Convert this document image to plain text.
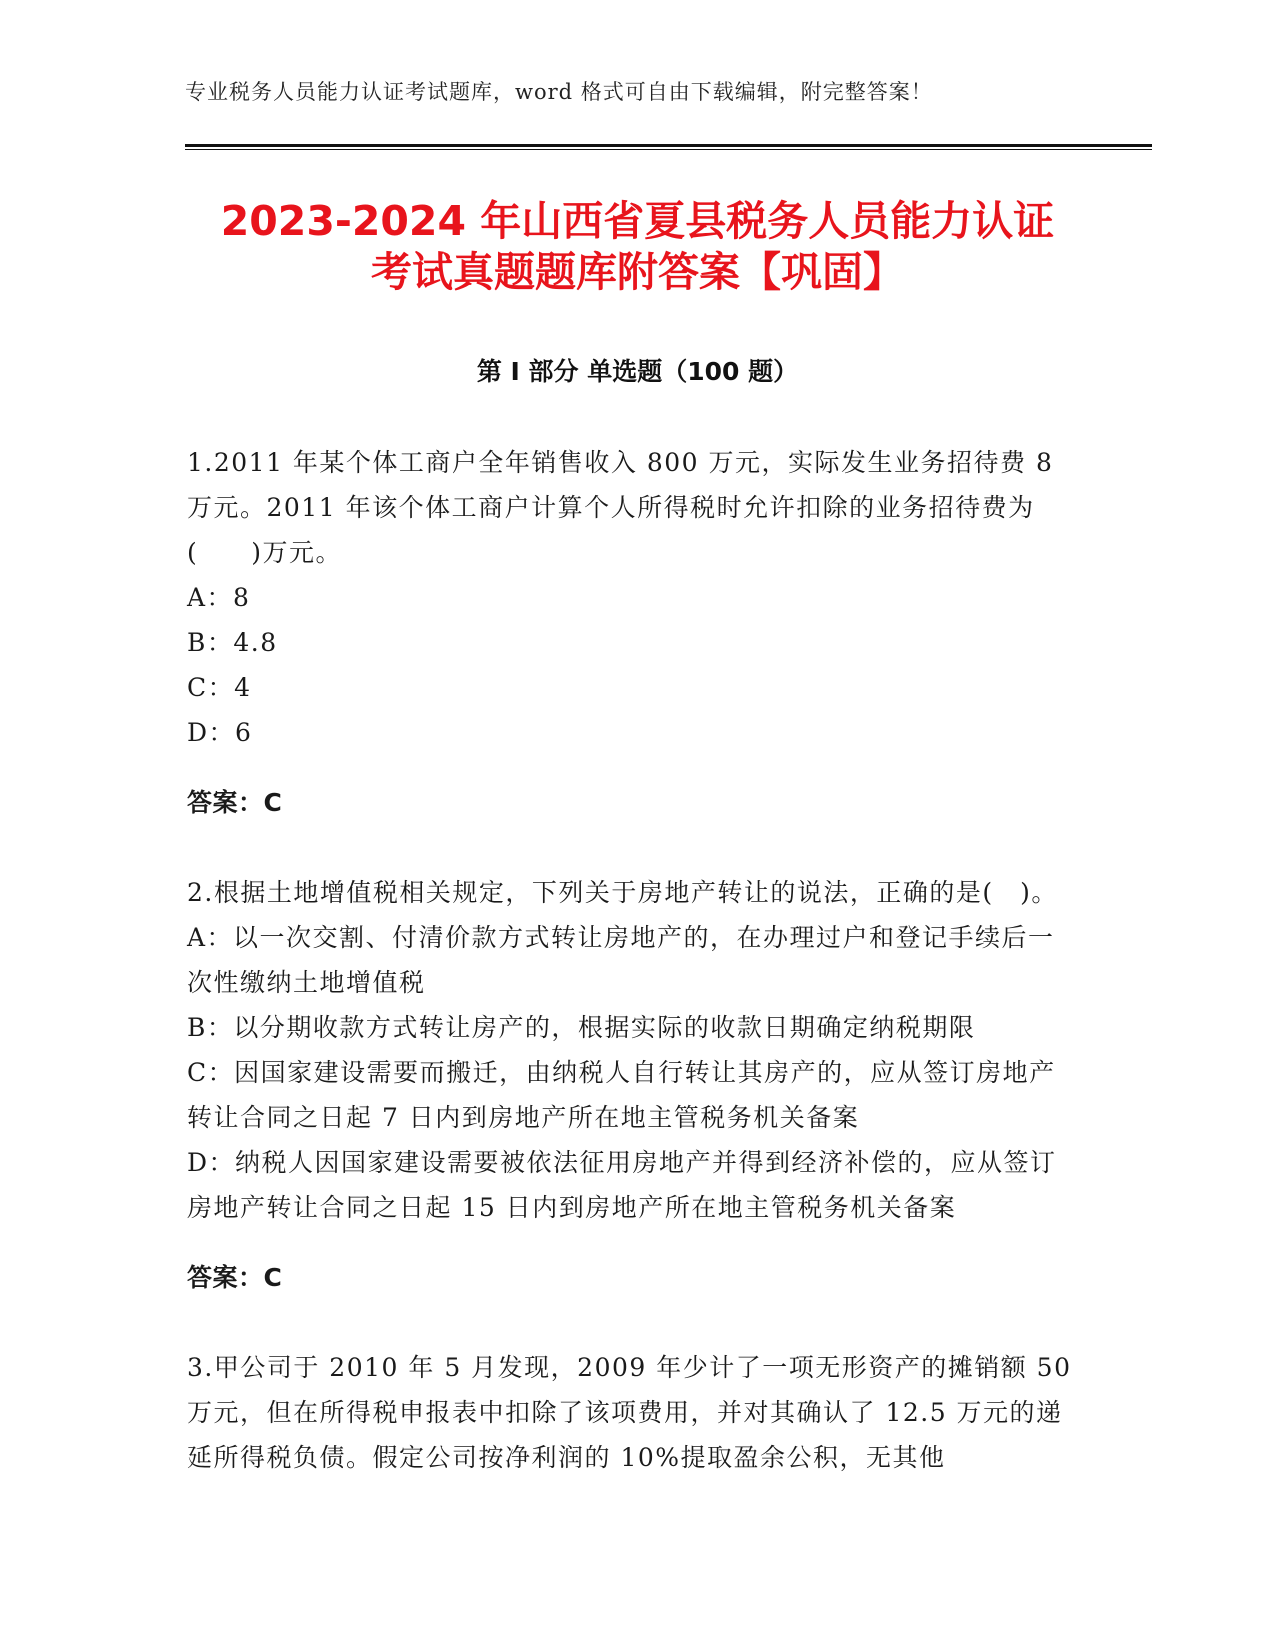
专业税务人员能力认证考试题库，word 格式可自由下载编辑，附完整答案！
2023-2024 年山西省夏县税务人员能力认证
考试真题题库附答案【巩固】
第 I 部分 单选题（100 题）

1.2011 年某个体工商户全年销售收入 800 万元，实际发生业务招待费 8 万元。2011 年该个体工商户计算个人所得税时允许扣除的业务招待费为(　　)万元。

A：8

B：4.8

C：4

D：6

答案：C

2.根据土地增值税相关规定，下列关于房地产转让的说法，正确的是(　)。

A：以一次交割、付清价款方式转让房地产的，在办理过户和登记手续后一次性缴纳土地增值税

B：以分期收款方式转让房产的，根据实际的收款日期确定纳税期限

C：因国家建设需要而搬迁，由纳税人自行转让其房产的，应从签订房地产转让合同之日起 7 日内到房地产所在地主管税务机关备案

D：纳税人因国家建设需要被依法征用房地产并得到经济补偿的，应从签订房地产转让合同之日起 15 日内到房地产所在地主管税务机关备案

答案：C

3.甲公司于 2010 年 5 月发现，2009 年少计了一项无形资产的摊销额 50 万元，但在所得税申报表中扣除了该项费用，并对其确认了 12.5 万元的递延所得税负债。假定公司按净利润的 10%提取盈余公积，无其他
